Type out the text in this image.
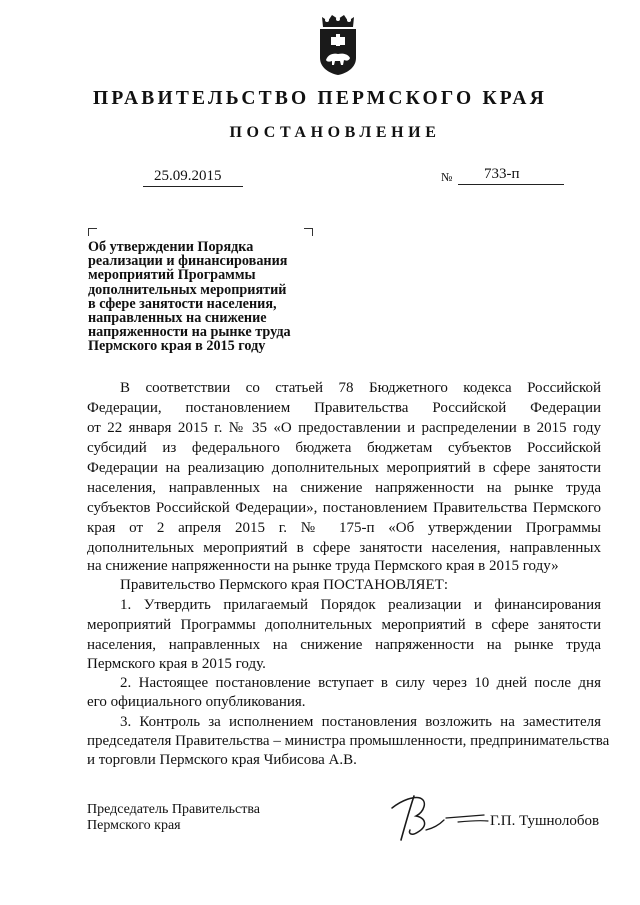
ПРАВИТЕЛЬСТВО ПЕРМСКОГО КРАЯ
ПОСТАНОВЛЕНИЕ
25.09.2015	№ 733-п
Об утверждении Порядка
реализации и финансирования
мероприятий Программы
дополнительных мероприятий
в сфере занятости населения,
направленных на снижение
напряженности на рынке труда
Пермского края в 2015 году
В соответствии со статьей 78 Бюджетного кодекса Российской
Федерации, постановлением Правительства Российской Федерации
от 22 января 2015 г. № 35 «О предоставлении и распределении в 2015 году
субсидий из федерального бюджета бюджетам субъектов Российской
Федерации на реализацию дополнительных мероприятий в сфере занятости
населения, направленных на снижение напряженности на рынке труда
субъектов Российской Федерации», постановлением Правительства Пермского
края от 2 апреля 2015 г. № 175-п «Об утверждении Программы
дополнительных мероприятий в сфере занятости населения, направленных
на снижение напряженности на рынке труда Пермского края в 2015 году»
Правительство Пермского края ПОСТАНОВЛЯЕТ:
1. Утвердить прилагаемый Порядок реализации и финансирования
мероприятий Программы дополнительных мероприятий в сфере занятости
населения, направленных на снижение напряженности на рынке труда
Пермского края в 2015 году.
2. Настоящее постановление вступает в силу через 10 дней после дня
его официального опубликования.
3. Контроль за исполнением постановления возложить на заместителя
председателя Правительства – министра промышленности, предпринимательства
и торговли Пермского края Чибисова А.В.
Председатель Правительства
Пермского края	Г.П. Тушнолобов
